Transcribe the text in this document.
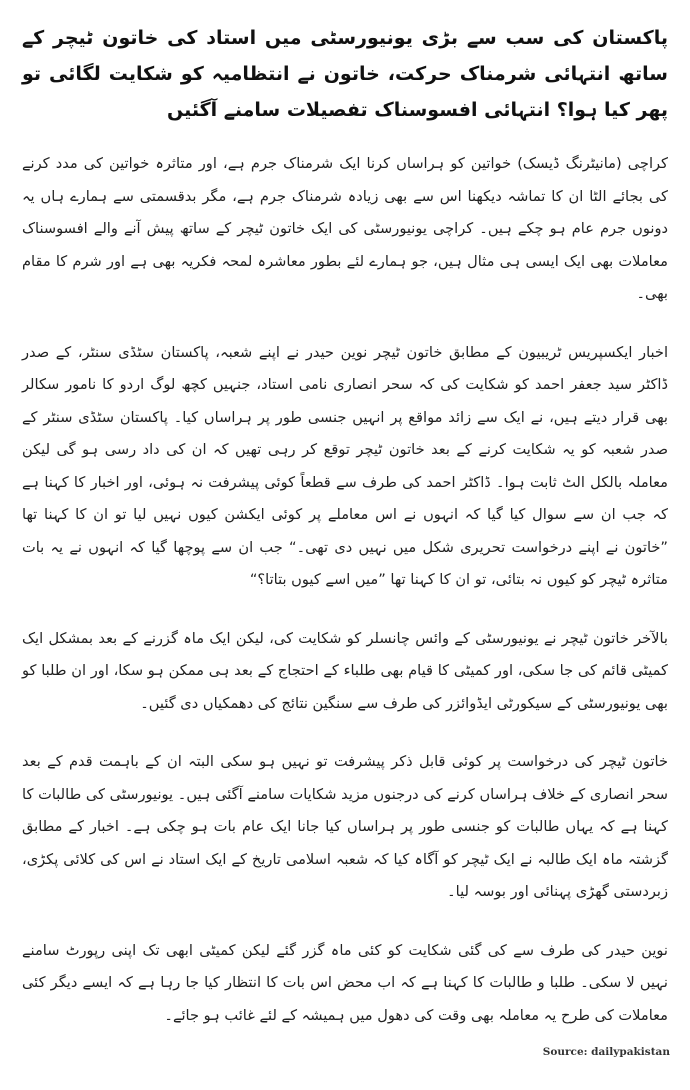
پاکستان کی سب سے بڑی یونیورسٹی میں استاد کی خاتون ٹیچر کے ساتھ انتہائی شرمناک حرکت، خاتون نے انتظامیہ کو شکایت لگائی تو پھر کیا ہوا؟ انتہائی افسوسناک تفصیلات سامنے آگئیں

کراچی (مانیٹرنگ ڈیسک) خواتین کو ہراساں کرنا ایک شرمناک جرم ہے، اور متاثرہ خواتین کی مدد کرنے کی بجائے الٹا ان کا تماشہ دیکھنا اس سے بھی زیادہ شرمناک جرم ہے، مگر بدقسمتی سے ہمارے ہاں یہ دونوں جرم عام ہو چکے ہیں۔ کراچی یونیورسٹی کی ایک خاتون ٹیچر کے ساتھ پیش آنے والے افسوسناک معاملات بھی ایک ایسی ہی مثال ہیں، جو ہمارے لئے بطور معاشرہ لمحہ فکریہ بھی ہے اور شرم کا مقام بھی۔

اخبار ایکسپریس ٹریبیون کے مطابق خاتون ٹیچر نوین حیدر نے اپنے شعبہ، پاکستان سٹڈی سنٹر، کے صدر ڈاکٹر سید جعفر احمد کو شکایت کی کہ سحر انصاری نامی استاد، جنہیں کچھ لوگ اردو کا نامور سکالر بھی قرار دیتے ہیں، نے ایک سے زائد مواقع پر انہیں جنسی طور پر ہراساں کیا۔ پاکستان سٹڈی سنٹر کے صدر شعبہ کو یہ شکایت کرنے کے بعد خاتون ٹیچر توقع کر رہی تھیں کہ ان کی داد رسی ہو گی لیکن معاملہ بالکل الٹ ثابت ہوا۔ ڈاکٹر احمد کی طرف سے قطعاً کوئی پیشرفت نہ ہوئی، اور اخبار کا کہنا ہے کہ جب ان سے سوال کیا گیا کہ انہوں نے اس معاملے پر کوئی ایکشن کیوں نہیں لیا تو ان کا کہنا تھا ”خاتون نے اپنے درخواست تحریری شکل میں نہیں دی تھی۔“ جب ان سے پوچھا گیا کہ انہوں نے یہ بات متاثرہ ٹیچر کو کیوں نہ بتائی، تو ان کا کہنا تھا ”میں اسے کیوں بتاتا؟“

بالآخر خاتون ٹیچر نے یونیورسٹی کے وائس چانسلر کو شکایت کی، لیکن ایک ماہ گزرنے کے بعد بمشکل ایک کمیٹی قائم کی جا سکی، اور کمیٹی کا قیام بھی طلباء کے احتجاج کے بعد ہی ممکن ہو سکا، اور ان طلبا کو بھی یونیورسٹی کے سیکورٹی ایڈوائزر کی طرف سے سنگین نتائج کی دھمکیاں دی گئیں۔

خاتون ٹیچر کی درخواست پر کوئی قابل ذکر پیشرفت تو نہیں ہو سکی البتہ ان کے باہمت قدم کے بعد سحر انصاری کے خلاف ہراساں کرنے کی درجنوں مزید شکایات سامنے آگئی ہیں۔ یونیورسٹی کی طالبات کا کہنا ہے کہ یہاں طالبات کو جنسی طور پر ہراساں کیا جانا ایک عام بات ہو چکی ہے۔ اخبار کے مطابق گزشتہ ماہ ایک طالبہ نے ایک ٹیچر کو آگاہ کیا کہ شعبہ اسلامی تاریخ کے ایک استاد نے اس کی کلائی پکڑی، زبردستی گھڑی پہنائی اور بوسہ لیا۔

نوین حیدر کی طرف سے کی گئی شکایت کو کئی ماہ گزر گئے لیکن کمیٹی ابھی تک اپنی رپورٹ سامنے نہیں لا سکی۔ طلبا و طالبات کا کہنا ہے کہ اب محض اس بات کا انتظار کیا جا رہا ہے کہ ایسے دیگر کئی معاملات کی طرح یہ معاملہ بھی وقت کی دھول میں ہمیشہ کے لئے غائب ہو جائے۔

Source: dailypakistan
